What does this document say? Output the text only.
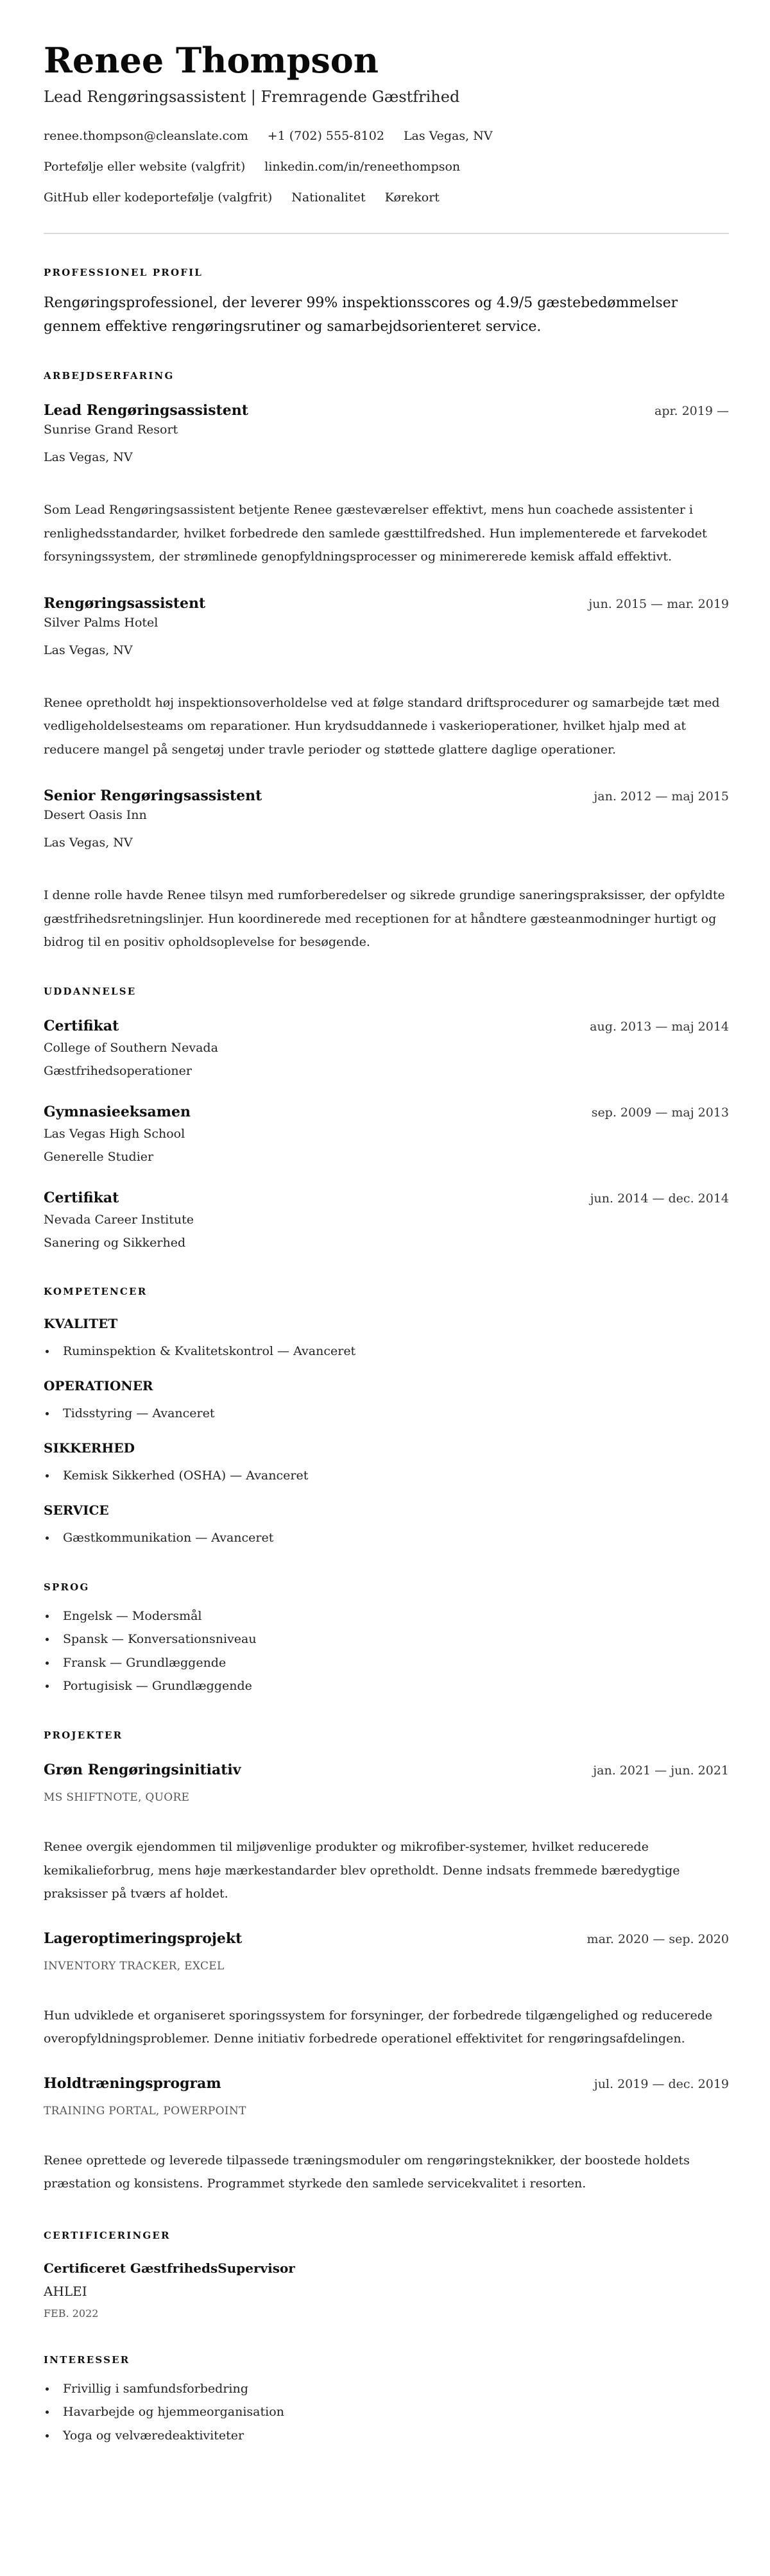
Renee Thompson
Lead Rengøringsassistent | Fremragende Gæstfrihed
renee.thompson@cleanslate.com +1 (702) 555-8102 Las Vegas, NV
Portefølje eller website (valgfrit) linkedin.com/in/reneethompson
GitHub eller kodeportefølje (valgfrit) Nationalitet Kørekort
PROFESSIONEL PROFIL

Rengøringsprofessionel, der leverer 99% inspektionsscores og 4.9/5 gæstebedømmelser gennem effektive rengøringsrutiner og samarbejdsorienteret service.

ARBEJDSERFARING
Lead Rengøringsassistent	apr. 2019 —
Sunrise Grand Resort
Las Vegas, NV

Som Lead Rengøringsassistent betjente Renee gæsteværelser effektivt, mens hun coachede assistenter i renlighedsstandarder, hvilket forbedrede den samlede gæsttilfredshed. Hun implementerede et farvekodet forsyningssystem, der strømlinede genopfyldningsprocesser og minimererede kemisk affald effektivt.

Rengøringsassistent	jun. 2015 — mar. 2019
Silver Palms Hotel
Las Vegas, NV

Renee opretholdt høj inspektionsoverholdelse ved at følge standard driftsprocedurer og samarbejde tæt med vedligeholdelsesteams om reparationer. Hun krydsuddannede i vaskerioperationer, hvilket hjalp med at reducere mangel på sengetøj under travle perioder og støttede glattere daglige operationer.

Senior Rengøringsassistent	jan. 2012 — maj 2015
Desert Oasis Inn
Las Vegas, NV

I denne rolle havde Renee tilsyn med rumforberedelser og sikrede grundige saneringspraksisser, der opfyldte gæstfrihedsretningslinjer. Hun koordinerede med receptionen for at håndtere gæsteanmodninger hurtigt og bidrog til en positiv opholdsoplevelse for besøgende.

UDDANNELSE
Certifikat	aug. 2013 — maj 2014
College of Southern Nevada
Gæstfrihedsoperationer
Gymnasieeksamen	sep. 2009 — maj 2013
Las Vegas High School
Generelle Studier
Certifikat	jun. 2014 — dec. 2014
Nevada Career Institute
Sanering og Sikkerhed
KOMPETENCER
KVALITET
Ruminspektion & Kvalitetskontrol — Avanceret
OPERATIONER
Tidsstyring — Avanceret
SIKKERHED
Kemisk Sikkerhed (OSHA) — Avanceret
SERVICE
Gæstkommunikation — Avanceret
SPROG
Engelsk — Modersmål
Spansk — Konversationsniveau
Fransk — Grundlæggende
Portugisisk — Grundlæggende
PROJEKTER
Grøn Rengøringsinitiativ	jan. 2021 — jun. 2021
MS SHIFTNOTE, QUORE

Renee overgik ejendommen til miljøvenlige produkter og mikrofiber-systemer, hvilket reducerede kemikalieforbrug, mens høje mærkestandarder blev opretholdt. Denne indsats fremmede bæredygtige praksisser på tværs af holdet.

Lageroptimeringsprojekt	mar. 2020 — sep. 2020
INVENTORY TRACKER, EXCEL

Hun udviklede et organiseret sporingssystem for forsyninger, der forbedrede tilgængelighed og reducerede overopfyldningsproblemer. Denne initiativ forbedrede operationel effektivitet for rengøringsafdelingen.

Holdtræningsprogram	jul. 2019 — dec. 2019
TRAINING PORTAL, POWERPOINT

Renee oprettede og leverede tilpassede træningsmoduler om rengøringsteknikker, der boostede holdets præstation og konsistens. Programmet styrkede den samlede servicekvalitet i resorten.

CERTIFICERINGER
Certificeret GæstfrihedsSupervisor
AHLEI
FEB. 2022
INTERESSER
Frivillig i samfundsforbedring
Havarbejde og hjemmeorganisation
Yoga og velværedeaktiviteter
